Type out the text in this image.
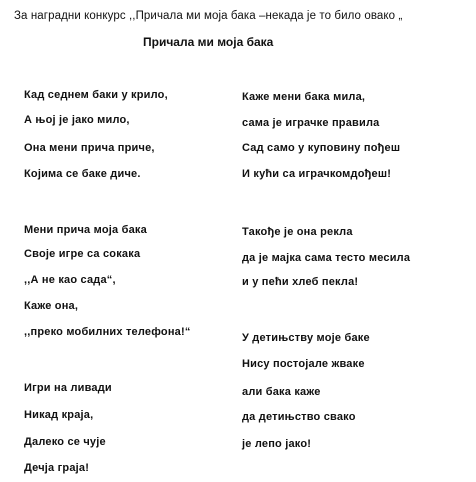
За наградни конкурс ,,Причала ми моја бака –некада је то било овако „
Причала ми моја бака
Кад седнем баки у крило,
А њој је јако мило,
Она мени прича приче,
Којима се баке диче.
Мени прича моја бака
Своје игре са сокака
,,А не као сада“,
Каже она,
,,преко мобилних телефона!“
Игри на ливади
Никад краја,
Далеко се чује
Дечја граја!
Каже мени бака мила,
сама је играчке правила
Сад само у куповину пођеш
И кући са играчкомдођеш!
Такође је она рекла
да је мајка сама тесто месила
и у пећи хлеб пекла!
У детињству моје баке
Нису постојале жваке
али бака каже
да детињство свако
је лепо јако!
